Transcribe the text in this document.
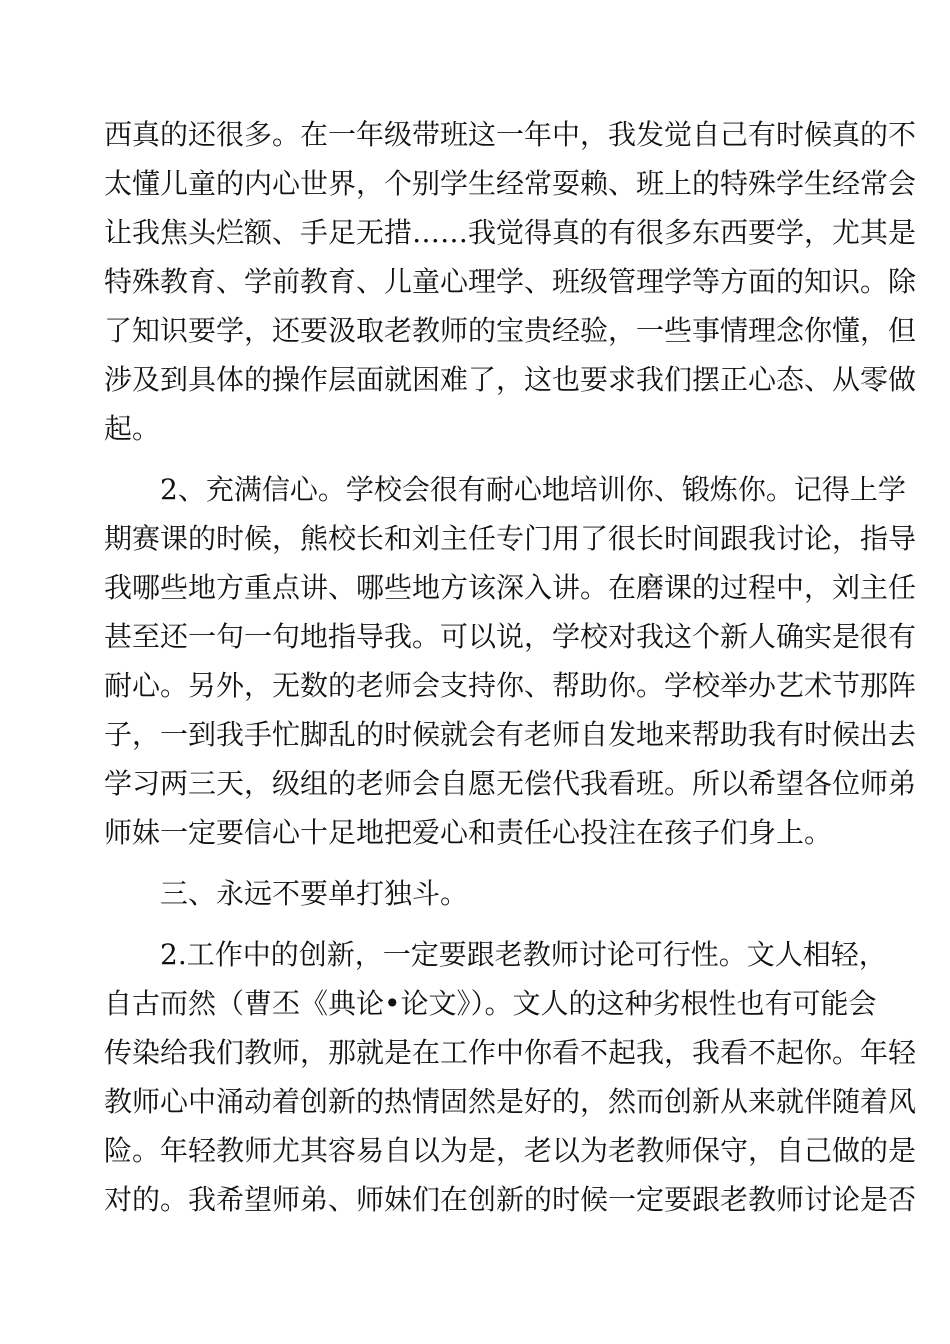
西真的还很多。在一年级带班这一年中，我发觉自己有时候真的不
太懂儿童的内心世界，个别学生经常耍赖、班上的特殊学生经常会
让我焦头烂额、手足无措……我觉得真的有很多东西要学，尤其是
特殊教育、学前教育、儿童心理学、班级管理学等方面的知识。除
了知识要学，还要汲取老教师的宝贵经验，一些事情理念你懂，但
涉及到具体的操作层面就困难了，这也要求我们摆正心态、从零做
起。
　　2、充满信心。学校会很有耐心地培训你、锻炼你。记得上学
期赛课的时候，熊校长和刘主任专门用了很长时间跟我讨论，指导
我哪些地方重点讲、哪些地方该深入讲。在磨课的过程中，刘主任
甚至还一句一句地指导我。可以说，学校对我这个新人确实是很有
耐心。另外，无数的老师会支持你、帮助你。学校举办艺术节那阵
子，一到我手忙脚乱的时候就会有老师自发地来帮助我有时候出去
学习两三天，级组的老师会自愿无偿代我看班。所以希望各位师弟
师妹一定要信心十足地把爱心和责任心投注在孩子们身上。
　　三、永远不要单打独斗。
　　2.工作中的创新，一定要跟老教师讨论可行性。文人相轻，
自古而然（曹丕《典论•论文》）。文人的这种劣根性也有可能会
传染给我们教师，那就是在工作中你看不起我，我看不起你。年轻
教师心中涌动着创新的热情固然是好的，然而创新从来就伴随着风
险。年轻教师尤其容易自以为是，老以为老教师保守，自己做的是
对的。我希望师弟、师妹们在创新的时候一定要跟老教师讨论是否
